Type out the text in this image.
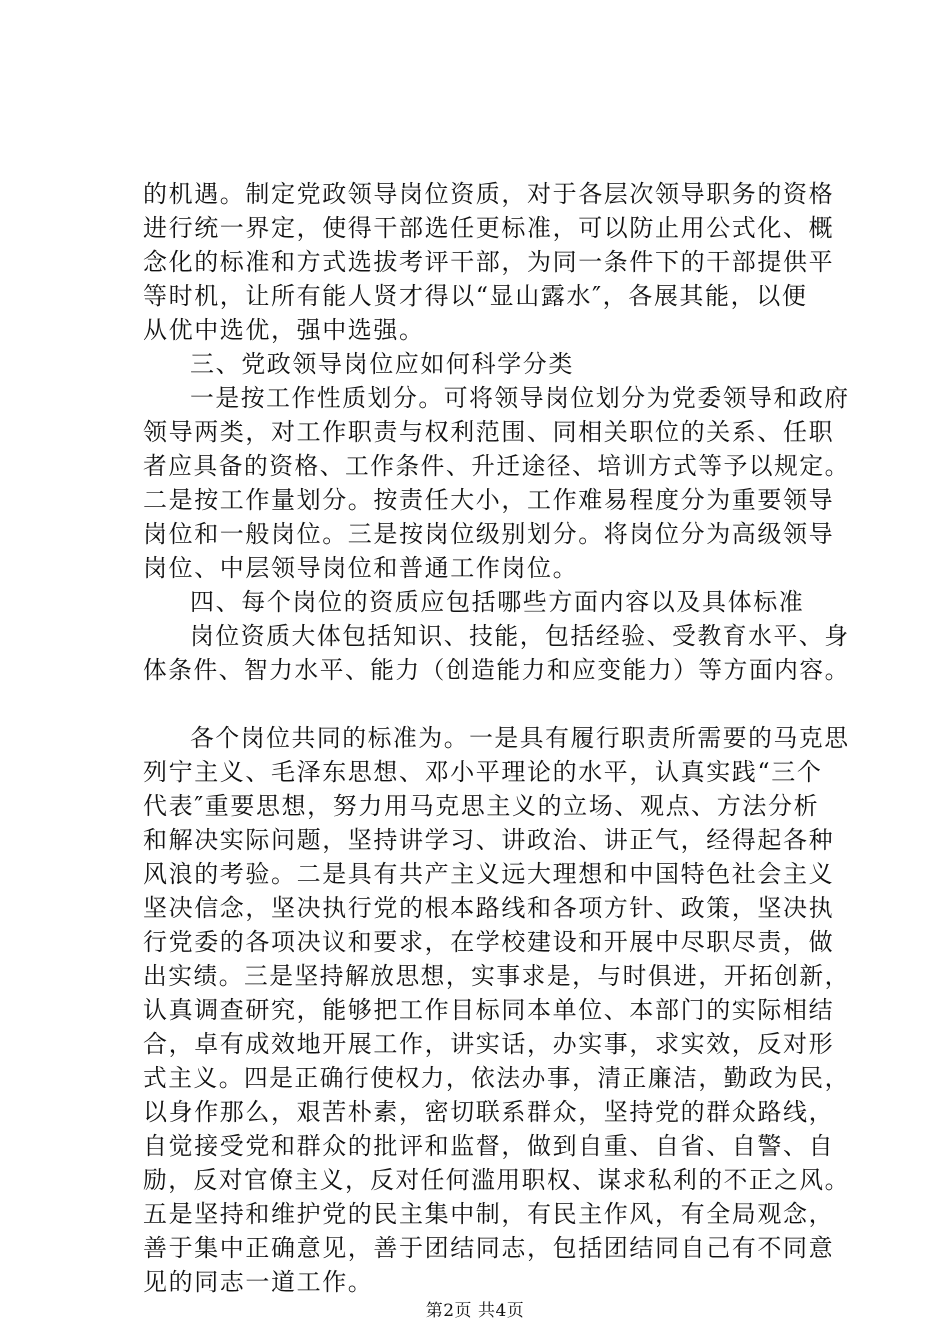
的机遇。制定党政领导岗位资质，对于各层次领导职务的资格
进行统一界定，使得干部选任更标准，可以防止用公式化、概
念化的标准和方式选拔考评干部，为同一条件下的干部提供平
等时机，让所有能人贤才得以“显山露水″，各展其能，以便
从优中选优，强中选强。
三、党政领导岗位应如何科学分类
一是按工作性质划分。可将领导岗位划分为党委领导和政府
领导两类，对工作职责与权利范围、同相关职位的关系、任职
者应具备的资格、工作条件、升迁途径、培训方式等予以规定。
二是按工作量划分。按责任大小，工作难易程度分为重要领导
岗位和一般岗位。三是按岗位级别划分。将岗位分为高级领导
岗位、中层领导岗位和普通工作岗位。
四、每个岗位的资质应包括哪些方面内容以及具体标准
岗位资质大体包括知识、技能，包括经验、受教育水平、身
体条件、智力水平、能力（创造能力和应变能力）等方面内容。
各个岗位共同的标准为。一是具有履行职责所需要的马克思
列宁主义、毛泽东思想、邓小平理论的水平，认真实践“三个
代表″重要思想，努力用马克思主义的立场、观点、方法分析
和解决实际问题，坚持讲学习、讲政治、讲正气，经得起各种
风浪的考验。二是具有共产主义远大理想和中国特色社会主义
坚决信念，坚决执行党的根本路线和各项方针、政策，坚决执
行党委的各项决议和要求，在学校建设和开展中尽职尽责，做
出实绩。三是坚持解放思想，实事求是，与时俱进，开拓创新，
认真调查研究，能够把工作目标同本单位、本部门的实际相结
合，卓有成效地开展工作，讲实话，办实事，求实效，反对形
式主义。四是正确行使权力，依法办事，清正廉洁，勤政为民，
以身作那么，艰苦朴素，密切联系群众，坚持党的群众路线，
自觉接受党和群众的批评和监督，做到自重、自省、自警、自
励，反对官僚主义，反对任何滥用职权、谋求私利的不正之风。
五是坚持和维护党的民主集中制，有民主作风，有全局观念，
善于集中正确意见，善于团结同志，包括团结同自己有不同意
见的同志一道工作。
第2页 共4页
